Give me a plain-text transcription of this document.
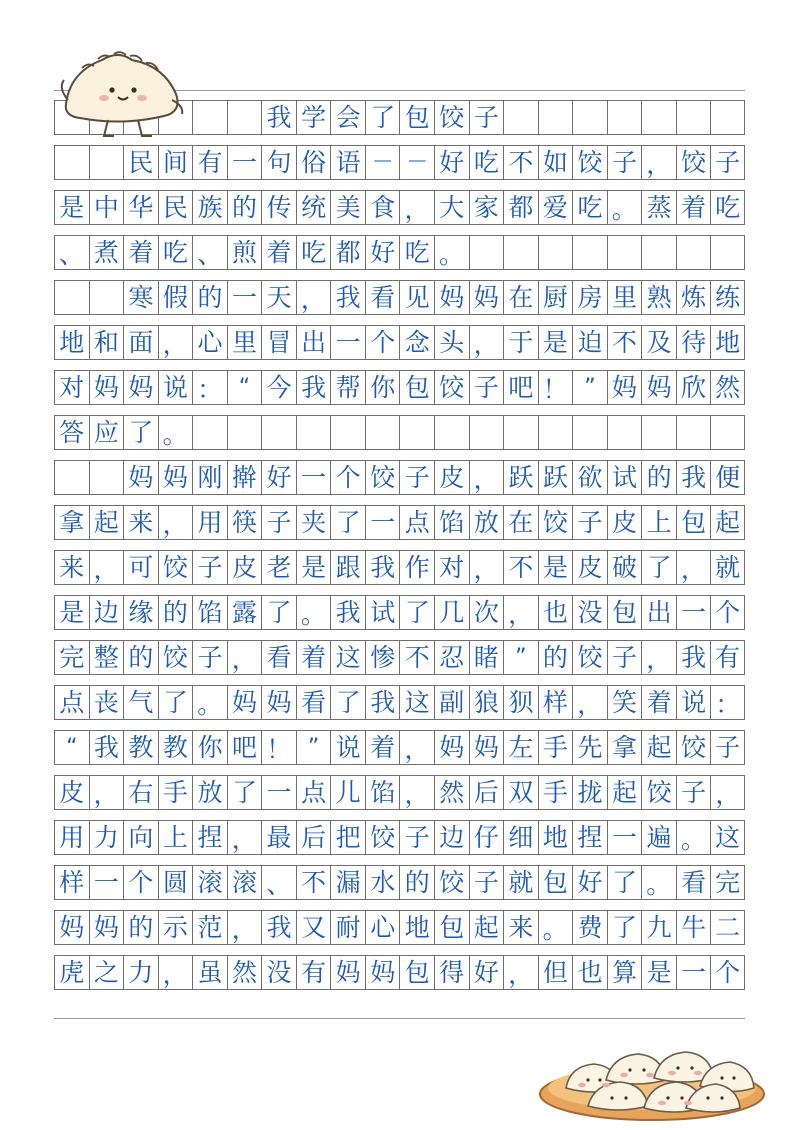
我 学 会 了 包 饺 子
民 间 有 一 句 俗 语 － － 好 吃 不 如 饺 子 ， 饺 子
是 中 华 民 族 的 传 统 美 食 ， 大 家 都 爱 吃 。 蒸 着 吃
、 煮 着 吃 、 煎 着 吃 都 好 吃 。
寒 假 的 一 天 ， 我 看 见 妈 妈 在 厨 房 里 熟 炼 练
地 和 面 ， 心 里 冒 出 一 个 念 头 ， 于 是 迫 不 及 待 地
对 妈 妈 说 ： “ 今 我 帮 你 包 饺 子 吧 ！ ” 妈 妈 欣 然
答 应 了 。
妈 妈 刚 擀 好 一 个 饺 子 皮 ， 跃 跃 欲 试 的 我 便
拿 起 来 ， 用 筷 子 夹 了 一 点 馅 放 在 饺 子 皮 上 包 起
来 ， 可 饺 子 皮 老 是 跟 我 作 对 ， 不 是 皮 破 了 ， 就
是 边 缘 的 馅 露 了 。 我 试 了 几 次 ， 也 没 包 出 一 个
完 整 的 饺 子 ， 看 着 这 惨 不 忍 睹 ” 的 饺 子 ， 我 有
点 丧 气 了 。 妈 妈 看 了 我 这 副 狼 狈 样 ， 笑 着 说 ：
“ 我 教 教 你 吧 ！ ” 说 着 ， 妈 妈 左 手 先 拿 起 饺 子
皮 ， 右 手 放 了 一 点 儿 馅 ， 然 后 双 手 拢 起 饺 子 ，
用 力 向 上 捏 ， 最 后 把 饺 子 边 仔 细 地 捏 一 遍 。 这
样 一 个 圆 滚 滚 、 不 漏 水 的 饺 子 就 包 好 了 。 看 完
妈 妈 的 示 范 ， 我 又 耐 心 地 包 起 来 。 费 了 九 牛 二
虎 之 力 ， 虽 然 没 有 妈 妈 包 得 好 ， 但 也 算 是 一 个
